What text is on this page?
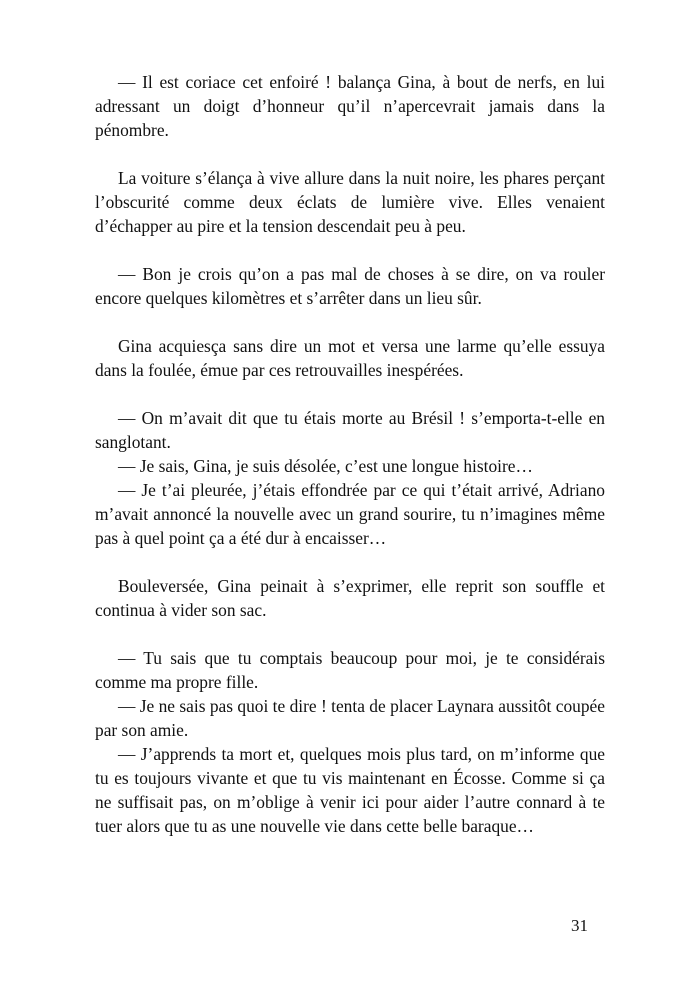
— Il est coriace cet enfoiré ! balança Gina, à bout de nerfs, en lui adressant un doigt d’honneur qu’il n’apercevrait jamais dans la pénombre.

La voiture s’élança à vive allure dans la nuit noire, les phares perçant l’obscurité comme deux éclats de lumière vive. Elles venaient d’échapper au pire et la tension descendait peu à peu.

— Bon je crois qu’on a pas mal de choses à se dire, on va rouler encore quelques kilomètres et s’arrêter dans un lieu sûr.

Gina acquiesça sans dire un mot et versa une larme qu’elle essuya dans la foulée, émue par ces retrouvailles inespérées.

— On m’avait dit que tu étais morte au Brésil ! s’emporta-t-elle en sanglotant.

— Je sais, Gina, je suis désolée, c’est une longue histoire…

— Je t’ai pleurée, j’étais effondrée par ce qui t’était arrivé, Adriano m’avait annoncé la nouvelle avec un grand sourire, tu n’imagines même pas à quel point ça a été dur à encaisser…

Bouleversée, Gina peinait à s’exprimer, elle reprit son souffle et continua à vider son sac.

— Tu sais que tu comptais beaucoup pour moi, je te considérais comme ma propre fille.

— Je ne sais pas quoi te dire ! tenta de placer Laynara aussitôt coupée par son amie.

— J’apprends ta mort et, quelques mois plus tard, on m’informe que tu es toujours vivante et que tu vis maintenant en Écosse. Comme si ça ne suffisait pas, on m’oblige à venir ici pour aider l’autre connard à te tuer alors que tu as une nouvelle vie dans cette belle baraque…

31
